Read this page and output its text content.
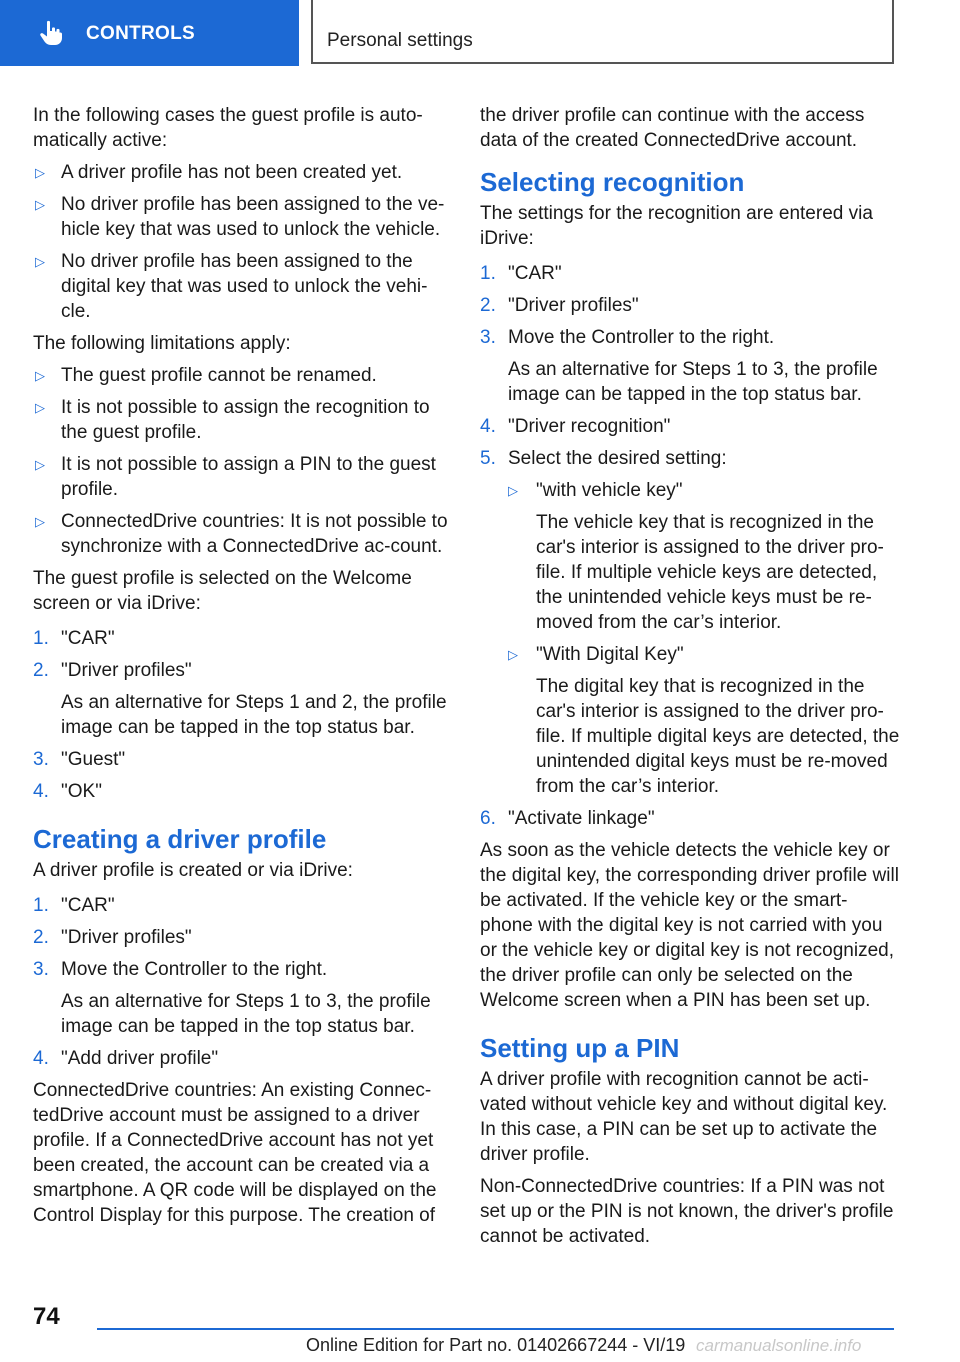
CONTROLS	Personal settings

In the following cases the guest profile is auto-matically active:

▷ A driver profile has not been created yet.
▷ No driver profile has been assigned to the ve-hicle key that was used to unlock the vehicle.
▷ No driver profile has been assigned to the digital key that was used to unlock the vehi-cle.

The following limitations apply:

▷ The guest profile cannot be renamed.
▷ It is not possible to assign the recognition to the guest profile.
▷ It is not possible to assign a PIN to the guest profile.
▷ ConnectedDrive countries: It is not possible to synchronize with a ConnectedDrive ac-count.

The guest profile is selected on the Welcome screen or via iDrive:

1. "CAR"
2. "Driver profiles"
As an alternative for Steps 1 and 2, the profile image can be tapped in the top status bar.
3. "Guest"
4. "OK"
Creating a driver profile

A driver profile is created or via iDrive:

1. "CAR"
2. "Driver profiles"
3. Move the Controller to the right.
As an alternative for Steps 1 to 3, the profile image can be tapped in the top status bar.
4. "Add driver profile"

ConnectedDrive countries: An existing Connec-tedDrive account must be assigned to a driver profile. If a ConnectedDrive account has not yet been created, the account can be created via a smartphone. A QR code will be displayed on the Control Display for this purpose. The creation of

the driver profile can continue with the access data of the created ConnectedDrive account.

Selecting recognition

The settings for the recognition are entered via iDrive:

1. "CAR"
2. "Driver profiles"
3. Move the Controller to the right.
As an alternative for Steps 1 to 3, the profile image can be tapped in the top status bar.
4. "Driver recognition"
5. Select the desired setting:
▷ "with vehicle key"
The vehicle key that is recognized in the car's interior is assigned to the driver pro-file. If multiple vehicle keys are detected, the unintended vehicle keys must be re-moved from the car’s interior.
▷ "With Digital Key"
The digital key that is recognized in the car's interior is assigned to the driver pro-file. If multiple digital keys are detected, the unintended digital keys must be re-moved from the car’s interior.
6. "Activate linkage"

As soon as the vehicle detects the vehicle key or the digital key, the corresponding driver profile will be activated. If the vehicle key or the smart-phone with the digital key is not carried with you or the vehicle key or digital key is not recognized, the driver profile can only be selected on the Welcome screen when a PIN has been set up.

Setting up a PIN

A driver profile with recognition cannot be acti-vated without vehicle key and without digital key. In this case, a PIN can be set up to activate the driver profile.

Non-ConnectedDrive countries: If a PIN was not set up or the PIN is not known, the driver's profile cannot be activated.

74
Online Edition for Part no. 01402667244 - VI/19 carmanualsonline.info
